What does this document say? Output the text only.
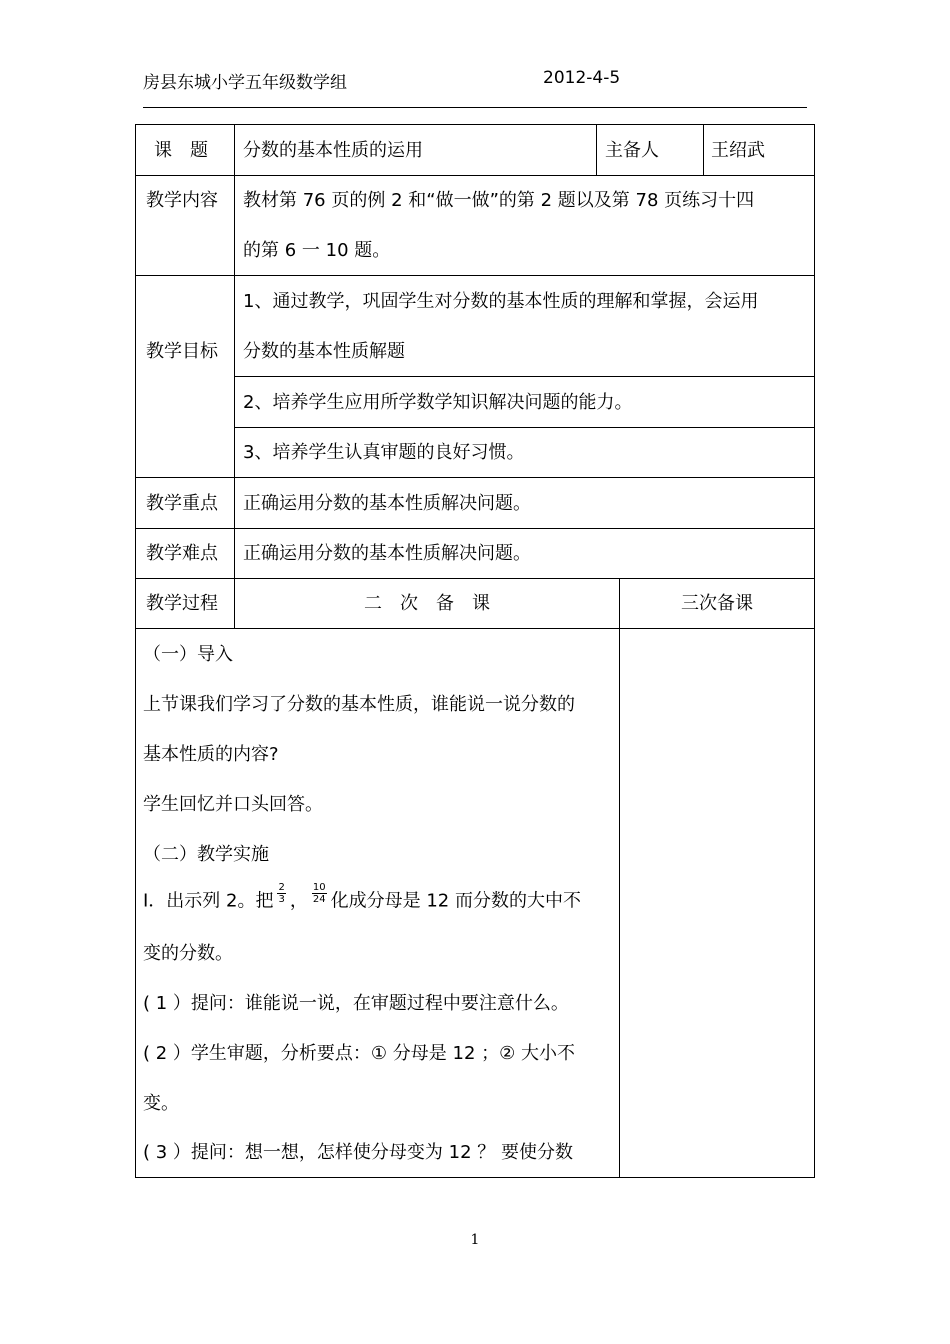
房县东城小学五年级数学组	2012-4-5
课　题 分数的基本性质的运用	主备人	王绍武
教学内容 教材第 76 页的例 2 和“做一做”的第 2 题以及第 78 页练习十四
的第 6 一 10 题。
教学目标
1、通过教学，巩固学生对分数的基本性质的理解和掌握，会运用
分数的基本性质解题
2、培养学生应用所学数学知识解决问题的能力。
3、培养学生认真审题的良好习惯。
教学重点 正确运用分数的基本性质解决问题。
教学难点 正确运用分数的基本性质解决问题。
教学过程	二　次　备　课	三次备课
（一）导入
上节课我们学习了分数的基本性质，谁能说一说分数的
基本性质的内容?
学生回忆并口头回答。
（二）教学实施
Ⅰ．出示列 2。把 $\frac{2}{3}$ ， $\frac{10}{24}$ 化成分母是 12 而分数的大中不
变的分数。
( 1 ）提问：谁能说一说，在审题过程中要注意什么。
( 2 ）学生审题，分析要点：① 分母是 12 ；② 大小不
变。
( 3 ）提问：想一想，怎样使分母变为 12 ？ 要使分数
1
